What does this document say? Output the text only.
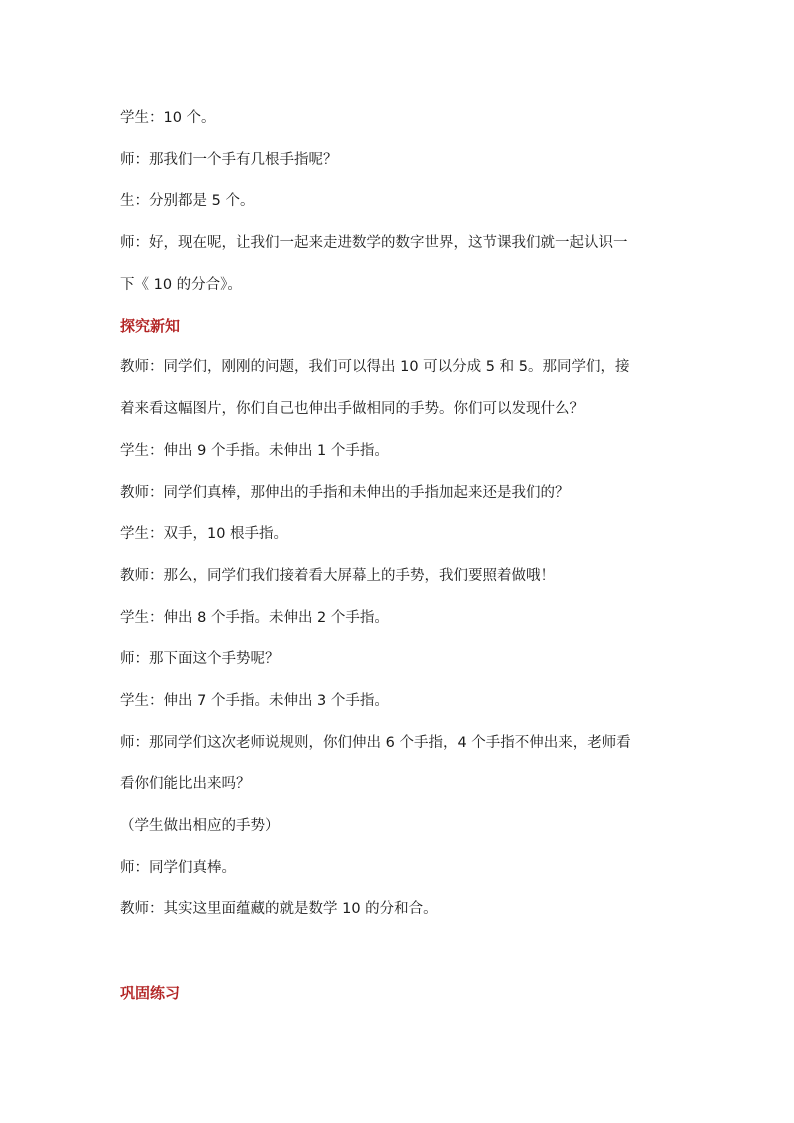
学生：10 个。
师：那我们一个手有几根手指呢？
生：分别都是 5 个。
师：好，现在呢，让我们一起来走进数学的数字世界，这节课我们就一起认识一
下《 10 的分合》。
探究新知
教师：同学们，刚刚的问题，我们可以得出 10 可以分成 5 和 5。那同学们，接
着来看这幅图片，你们自己也伸出手做相同的手势。你们可以发现什么？
学生：伸出 9 个手指。未伸出 1 个手指。
教师：同学们真棒，那伸出的手指和未伸出的手指加起来还是我们的？
学生：双手，10 根手指。
教师：那么，同学们我们接着看大屏幕上的手势，我们要照着做哦！
学生：伸出 8 个手指。未伸出 2 个手指。
师：那下面这个手势呢？
学生：伸出 7 个手指。未伸出 3 个手指。
师：那同学们这次老师说规则，你们伸出 6 个手指，4 个手指不伸出来，老师看
看你们能比出来吗？
（学生做出相应的手势）
师：同学们真棒。
教师：其实这里面蕴藏的就是数学 10 的分和合。
巩固练习
